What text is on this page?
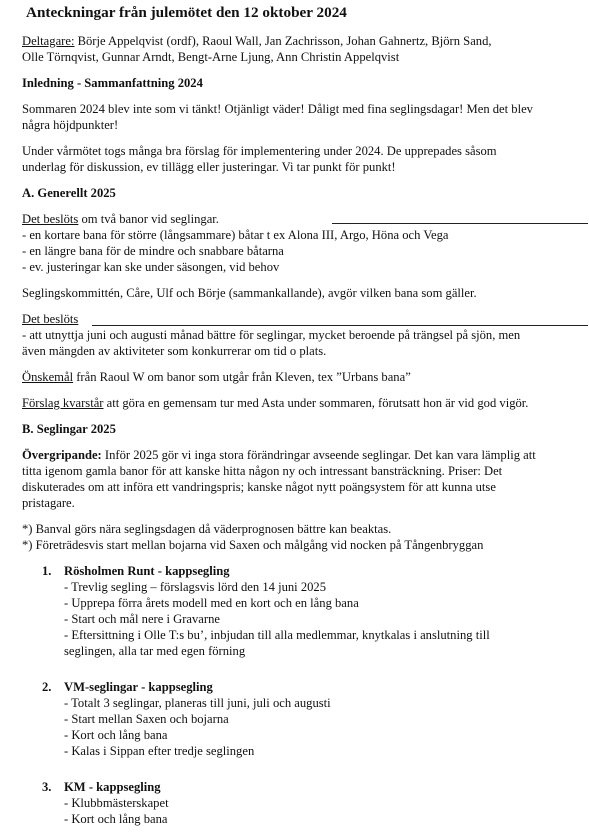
Anteckningar från julemötet den 12 oktober 2024

Deltagare: Börje Appelqvist (ordf), Raoul Wall, Jan Zachrisson, Johan Gahnertz, Björn Sand,

Olle Törnqvist, Gunnar Arndt, Bengt-Arne Ljung, Ann Christin Appelqvist

Inledning - Sammanfattning 2024

Sommaren 2024 blev inte som vi tänkt! Otjänligt väder! Dåligt med fina seglingsdagar! Men det blev

några höjdpunkter!

Under vårmötet togs många bra förslag för implementering under 2024. De upprepades såsom

underlag för diskussion, ev tillägg eller justeringar. Vi tar punkt för punkt!

A. Generellt 2025

Det beslöts om två banor vid seglingar.

- en kortare bana för större (långsammare) båtar t ex Alona III, Argo, Höna och Vega

- en längre bana för de mindre och snabbare båtarna

- ev. justeringar kan ske under säsongen, vid behov

Seglingskommittén, Cåre, Ulf och Börje (sammankallande), avgör vilken bana som gäller.

Det beslöts

- att utnyttja juni och augusti månad bättre för seglingar, mycket beroende på trängsel på sjön, men

även mängden av aktiviteter som konkurrerar om tid o plats.

Önskemål från Raoul W om banor som utgår från Kleven, tex ”Urbans bana”

Förslag kvarstår att göra en gemensam tur med Asta under sommaren, förutsatt hon är vid god vigör.

B. Seglingar 2025

Övergripande: Inför 2025 gör vi inga stora förändringar avseende seglingar. Det kan vara lämplig att

titta igenom gamla banor för att kanske hitta någon ny och intressant bansträckning. Priser: Det

diskuterades om att införa ett vandringspris; kanske något nytt poängsystem för att kunna utse

pristagare.

*) Banval görs nära seglingsdagen då väderprognosen bättre kan beaktas.

*) Företrädesvis start mellan bojarna vid Saxen och målgång vid nocken på Tångenbryggan

1. Rösholmen Runt - kappsegling
- Trevlig segling – förslagsvis lörd den 14 juni 2025
- Upprepa förra årets modell med en kort och en lång bana
- Start och mål nere i Gravarne
- Eftersittning i Olle T:s bu’, inbjudan till alla medlemmar, knytkalas i anslutning till
seglingen, alla tar med egen förning
2. VM-seglingar - kappsegling
- Totalt 3 seglingar, planeras till juni, juli och augusti
- Start mellan Saxen och bojarna
- Kort och lång bana
- Kalas i Sippan efter tredje seglingen
3. KM - kappsegling
- Klubbmästerskapet
- Kort och lång bana
